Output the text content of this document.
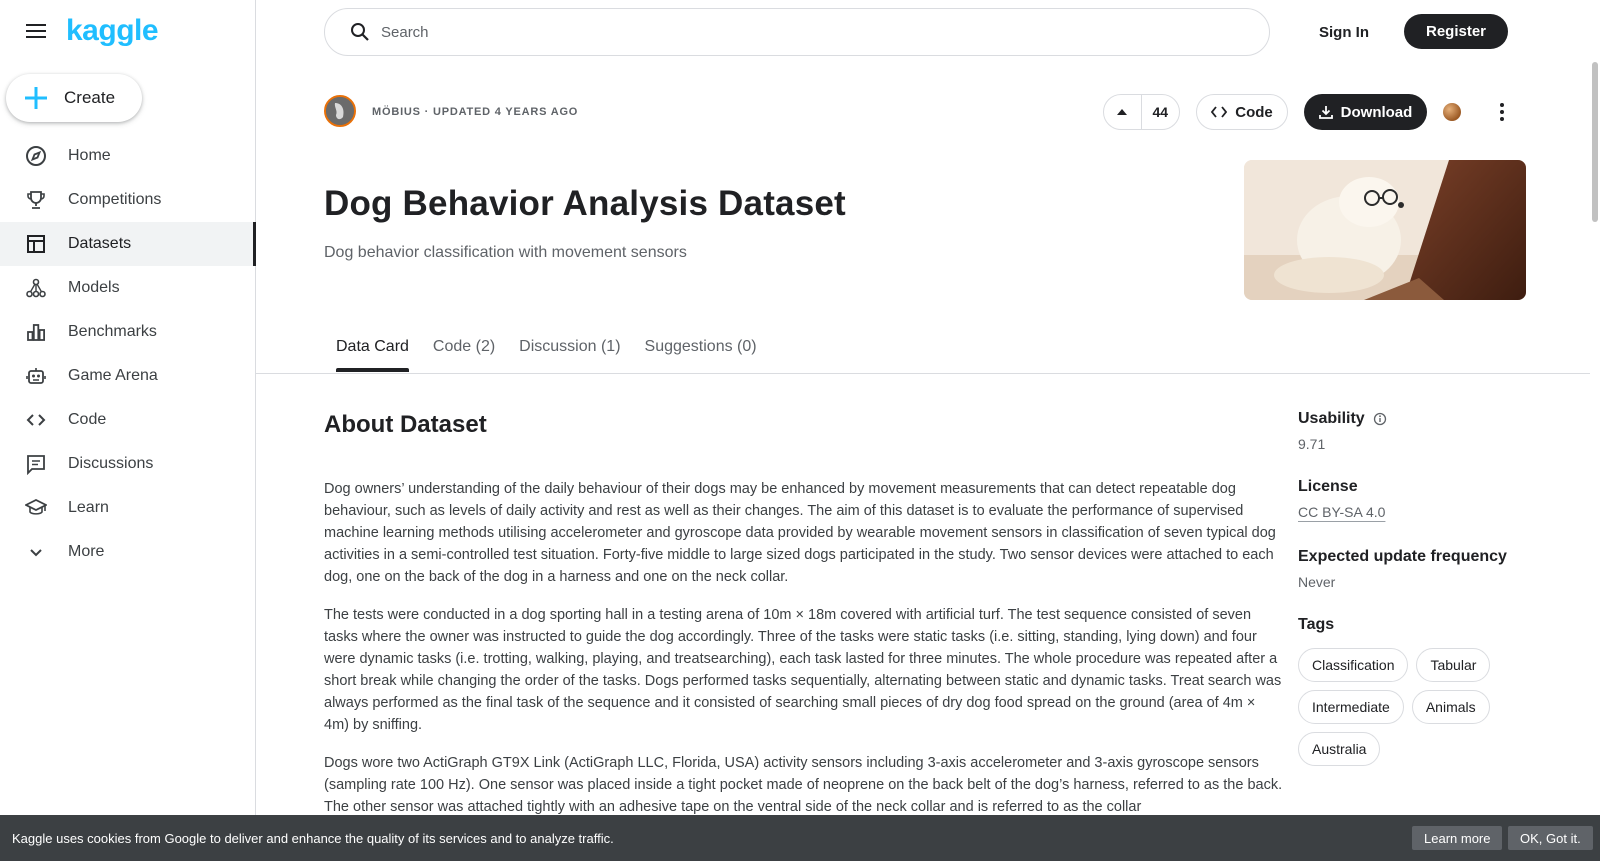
kaggle
Create
Home
Competitions
Datasets
Models
Benchmarks
Game Arena
Code
Discussions
Learn
More
Search
Sign In	Register
MÖBIUS · UPDATED 4 YEARS AGO	44	Code	Download
Dog Behavior Analysis Dataset
Dog behavior classification with movement sensors
Data Card	Code (2)	Discussion (1)	Suggestions (0)
About Dataset

Dog owners’ understanding of the daily behaviour of their dogs may be enhanced by movement measurements that can detect repeatable dog behaviour, such as levels of daily activity and rest as well as their changes. The aim of this dataset is to evaluate the performance of supervised machine learning methods utilising accelerometer and gyroscope data provided by wearable movement sensors in classification of seven typical dog activities in a semi-controlled test situation. Forty-five middle to large sized dogs participated in the study. Two sensor devices were attached to each dog, one on the back of the dog in a harness and one on the neck collar.

The tests were conducted in a dog sporting hall in a testing arena of 10m × 18m covered with artificial turf. The test sequence consisted of seven tasks where the owner was instructed to guide the dog accordingly. Three of the tasks were static tasks (i.e. sitting, standing, lying down) and four were dynamic tasks (i.e. trotting, walking, playing, and treatsearching), each task lasted for three minutes. The whole procedure was repeated after a short break while changing the order of the tasks. Dogs performed tasks sequentially, alternating between static and dynamic tasks. Treat search was always performed as the final task of the sequence and it consisted of searching small pieces of dry dog food spread on the ground (area of 4m × 4m) by sniffing.

Dogs wore two ActiGraph GT9X Link (ActiGraph LLC, Florida, USA) activity sensors including 3-axis accelerometer and 3-axis gyroscope sensors (sampling rate 100 Hz). One sensor was placed inside a tight pocket made of neoprene on the back belt of the dog’s harness, referred to as the back. The other sensor was attached tightly with an adhesive tape on the ventral side of the neck collar and is referred to as the collar

Usability
9.71
License
CC BY-SA 4.0
Expected update frequency
Never
Tags
Classification	Tabular
Intermediate	Animals
Australia
Kaggle uses cookies from Google to deliver and enhance the quality of its services and to analyze traffic.	Learn more	OK, Got it.
